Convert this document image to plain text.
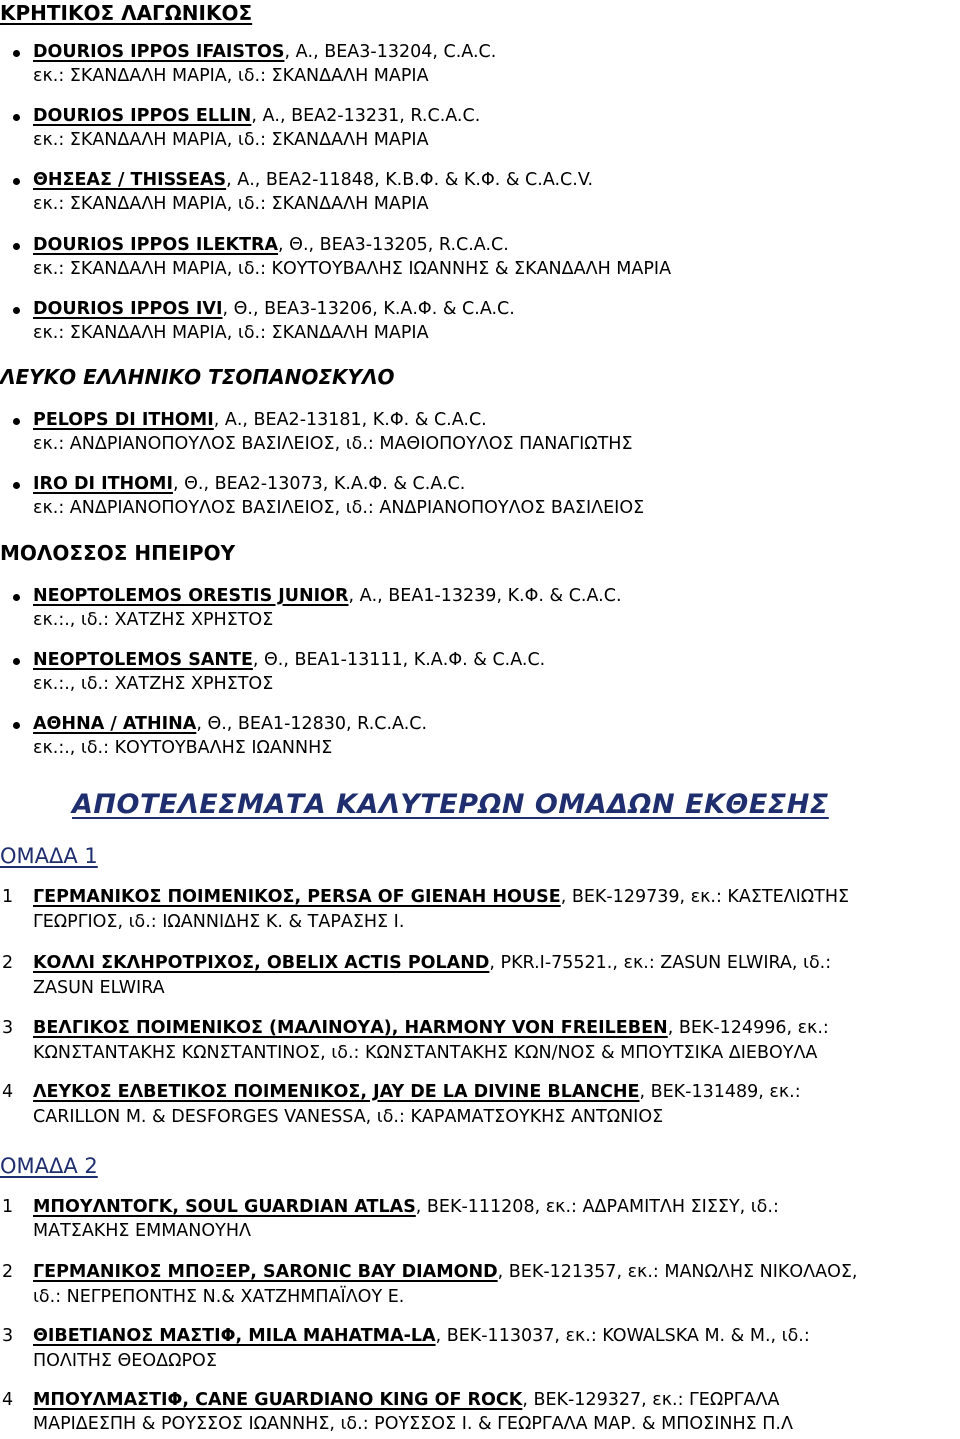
ΚΡΗΤΙΚΟΣ ΛΑΓΩΝΙΚΟΣ
DOURIOS IPPOS IFAISTOS, Α., ΒΕΑ3-13204, C.A.C.
εκ.: ΣΚΑΝΔΑΛΗ ΜΑΡΙΑ, ιδ.: ΣΚΑΝΔΑΛΗ ΜΑΡΙΑ
DOURIOS IPPOS ELLIN, Α., ΒΕΑ2-13231, R.C.A.C.
εκ.: ΣΚΑΝΔΑΛΗ ΜΑΡΙΑ, ιδ.: ΣΚΑΝΔΑΛΗ ΜΑΡΙΑ
ΘΗΣΕΑΣ / THISSEAS, Α., ΒΕΑ2-11848, Κ.Β.Φ. & Κ.Φ. & C.A.C.V.
εκ.: ΣΚΑΝΔΑΛΗ ΜΑΡΙΑ, ιδ.: ΣΚΑΝΔΑΛΗ ΜΑΡΙΑ
DOURIOS IPPOS ILEKTRA, Θ., ΒΕΑ3-13205, R.C.A.C.
εκ.: ΣΚΑΝΔΑΛΗ ΜΑΡΙΑ, ιδ.: ΚΟΥΤΟΥΒΑΛΗΣ ΙΩΑΝΝΗΣ & ΣΚΑΝΔΑΛΗ ΜΑΡΙΑ
DOURIOS IPPOS IVI, Θ., ΒΕΑ3-13206, Κ.Α.Φ. & C.A.C.
εκ.: ΣΚΑΝΔΑΛΗ ΜΑΡΙΑ, ιδ.: ΣΚΑΝΔΑΛΗ ΜΑΡΙΑ
ΛΕΥΚΟ ΕΛΛΗΝΙΚΟ ΤΣΟΠΑΝΟΣΚΥΛΟ
PELOPS DI ITHOMI, Α., ΒΕΑ2-13181, Κ.Φ. & C.A.C.
εκ.: ΑΝΔΡΙΑΝΟΠΟΥΛΟΣ ΒΑΣΙΛΕΙΟΣ, ιδ.: ΜΑΘΙΟΠΟΥΛΟΣ ΠΑΝΑΓΙΩΤΗΣ
IRO DI ITHOMI, Θ., ΒΕΑ2-13073, Κ.Α.Φ. & C.A.C.
εκ.: ΑΝΔΡΙΑΝΟΠΟΥΛΟΣ ΒΑΣΙΛΕΙΟΣ, ιδ.: ΑΝΔΡΙΑΝΟΠΟΥΛΟΣ ΒΑΣΙΛΕΙΟΣ
ΜΟΛΟΣΣΟΣ ΗΠΕΙΡΟΥ
NEOPTOLEMOS ORESTIS JUNIOR, Α., ΒΕΑ1-13239, Κ.Φ. & C.A.C.
εκ.:., ιδ.: ΧΑΤΖΗΣ ΧΡΗΣΤΟΣ
NEOPTOLEMOS SANTE, Θ., ΒΕΑ1-13111, Κ.Α.Φ. & C.A.C.
εκ.:., ιδ.: ΧΑΤΖΗΣ ΧΡΗΣΤΟΣ
ΑΘΗΝΑ / ATHINA, Θ., ΒΕΑ1-12830, R.C.A.C.
εκ.:., ιδ.: ΚΟΥΤΟΥΒΑΛΗΣ ΙΩΑΝΝΗΣ
ΑΠΟΤΕΛΕΣΜΑΤΑ ΚΑΛΥΤΕΡΩΝ ΟΜΑΔΩΝ ΕΚΘΕΣΗΣ
ΟΜΑΔΑ 1
1 ΓΕΡΜΑΝΙΚΟΣ ΠΟΙΜΕΝΙΚΟΣ, PERSA OF GIENAH HOUSE, ΒΕΚ-129739, εκ.: ΚΑΣΤΕΛΙΩΤΗΣ
ΓΕΩΡΓΙΟΣ, ιδ.: ΙΩΑΝΝΙΔΗΣ Κ. & ΤΑΡΑΣΗΣ Ι.
2 ΚΟΛΛΙ ΣΚΛΗΡΟΤΡΙΧΟΣ, OBELIX ACTIS POLAND, PKR.I-75521., εκ.: ZASUN ELWIRA, ιδ.:
ZASUN ELWIRA
3 ΒΕΛΓΙΚΟΣ ΠΟΙΜΕΝΙΚΟΣ (ΜΑΛΙΝΟΥΑ), HARMONY VON FREILEBEN, ΒΕΚ-124996, εκ.:
ΚΩΝΣΤΑΝΤΑΚΗΣ ΚΩΝΣΤΑΝΤΙΝΟΣ, ιδ.: ΚΩΝΣΤΑΝΤΑΚΗΣ ΚΩΝ/ΝΟΣ & ΜΠΟΥΤΣΙΚΑ ΔΙΕΒΟΥΛΑ
4 ΛΕΥΚΟΣ ΕΛΒΕΤΙΚΟΣ ΠΟΙΜΕΝΙΚΟΣ, JAY DE LA DIVINE BLANCHE, ΒΕΚ-131489, εκ.:
CARILLON M. & DESFORGES VANESSA, ιδ.: ΚΑΡΑΜΑΤΣΟΥΚΗΣ ΑΝΤΩΝΙΟΣ
ΟΜΑΔΑ 2
1 ΜΠΟΥΛΝΤΟΓΚ, SOUL GUARDIAN ATLAS, ΒΕΚ-111208, εκ.: ΑΔΡΑΜΙΤΛΗ ΣΙΣΣΥ, ιδ.:
ΜΑΤΣΑΚΗΣ ΕΜΜΑΝΟΥΗΛ
2 ΓΕΡΜΑΝΙΚΟΣ ΜΠΟΞΕΡ, SARONIC BAY DIAMOND, ΒΕΚ-121357, εκ.: ΜΑΝΩΛΗΣ ΝΙΚΟΛΑΟΣ,
ιδ.: ΝΕΓΡΕΠΟΝΤΗΣ Ν.& ΧΑΤΖΗΜΠΑΪΛΟΥ Ε.
3 ΘΙΒΕΤΙΑΝΟΣ ΜΑΣΤΙΦ, MILA MAHATMA-LA, ΒΕΚ-113037, εκ.: KOWALSKA M. & M., ιδ.:
ΠΟΛΙΤΗΣ ΘΕΟΔΩΡΟΣ
4 ΜΠΟΥΛΜΑΣΤΙΦ, CANE GUARDIANO KING OF ROCK, ΒΕΚ-129327, εκ.: ΓΕΩΡΓΑΛΑ
ΜΑΡΙΔΕΣΠΗ & ΡΟΥΣΣΟΣ ΙΩΑΝΝΗΣ, ιδ.: ΡΟΥΣΣΟΣ Ι. & ΓΕΩΡΓΑΛΑ ΜΑΡ. & ΜΠΟΣΙΝΗΣ Π.Λ
